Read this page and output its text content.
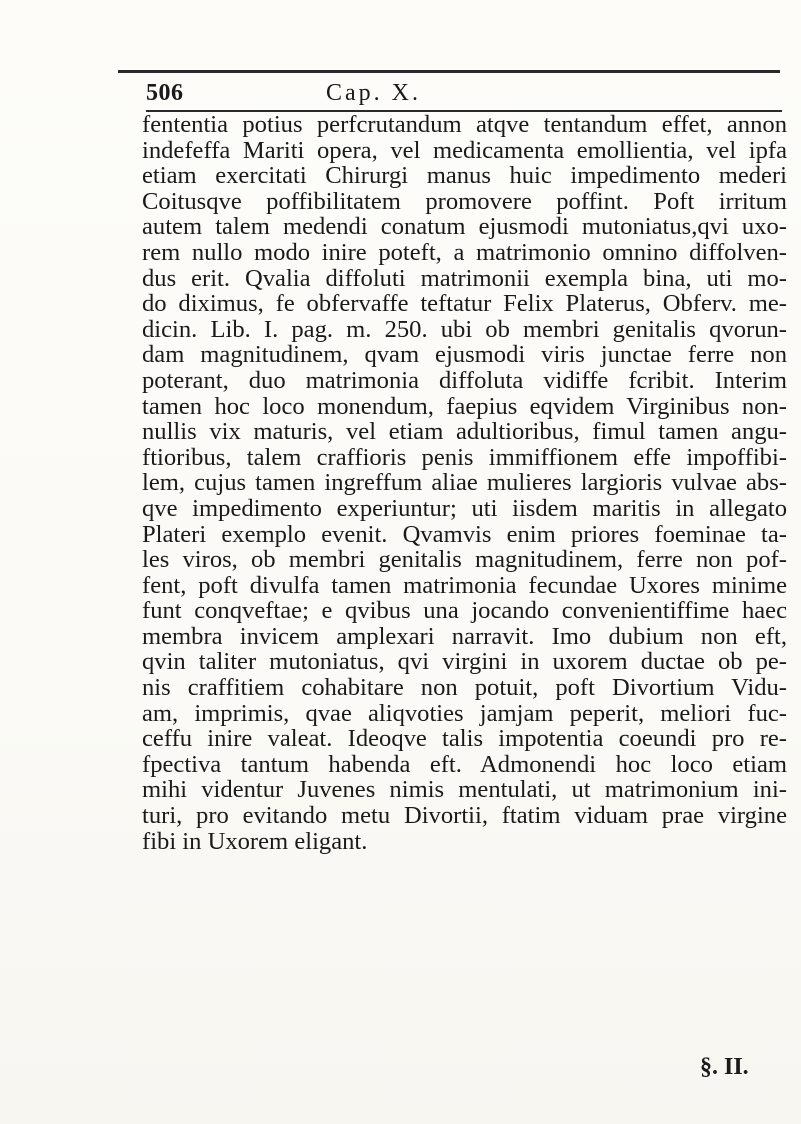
506	Cap. X.
fententia potius perfcrutandum atqve tentandum effet, annon
indefeffa Mariti opera, vel medicamenta emollientia, vel ipfa
etiam exercitati Chirurgi manus huic impedimento mederi
Coitusqve poffibilitatem promovere poffint. Poft irritum
autem talem medendi conatum ejusmodi mutoniatus,qvi uxo-
rem nullo modo inire poteft, a matrimonio omnino diffolven-
dus erit. Qvalia diffoluti matrimonii exempla bina, uti mo-
do diximus, fe obfervaffe teftatur Felix Platerus, Obferv. me-
dicin. Lib. I. pag. m. 250. ubi ob membri genitalis qvorun-
dam magnitudinem, qvam ejusmodi viris junctae ferre non
poterant, duo matrimonia diffoluta vidiffe fcribit. Interim
tamen hoc loco monendum, faepius eqvidem Virginibus non-
nullis vix maturis, vel etiam adultioribus, fimul tamen angu-
ftioribus, talem craffioris penis immiffionem effe impoffibi-
lem, cujus tamen ingreffum aliae mulieres largioris vulvae abs-
qve impedimento experiuntur; uti iisdem maritis in allegato
Plateri exemplo evenit. Qvamvis enim priores foeminae ta-
les viros, ob membri genitalis magnitudinem, ferre non pof-
fent, poft divulfa tamen matrimonia fecundae Uxores minime
funt conqveftae; e qvibus una jocando convenientiffime haec
membra invicem amplexari narravit. Imo dubium non eft,
qvin taliter mutoniatus, qvi virgini in uxorem ductae ob pe-
nis craffitiem cohabitare non potuit, poft Divortium Vidu-
am, imprimis, qvae aliqvoties jamjam peperit, meliori fuc-
ceffu inire valeat. Ideoqve talis impotentia coeundi pro re-
fpectiva tantum habenda eft. Admonendi hoc loco etiam
mihi videntur Juvenes nimis mentulati, ut matrimonium ini-
turi, pro evitando metu Divortii, ftatim viduam prae virgine
fibi in Uxorem eligant.
§. II.
